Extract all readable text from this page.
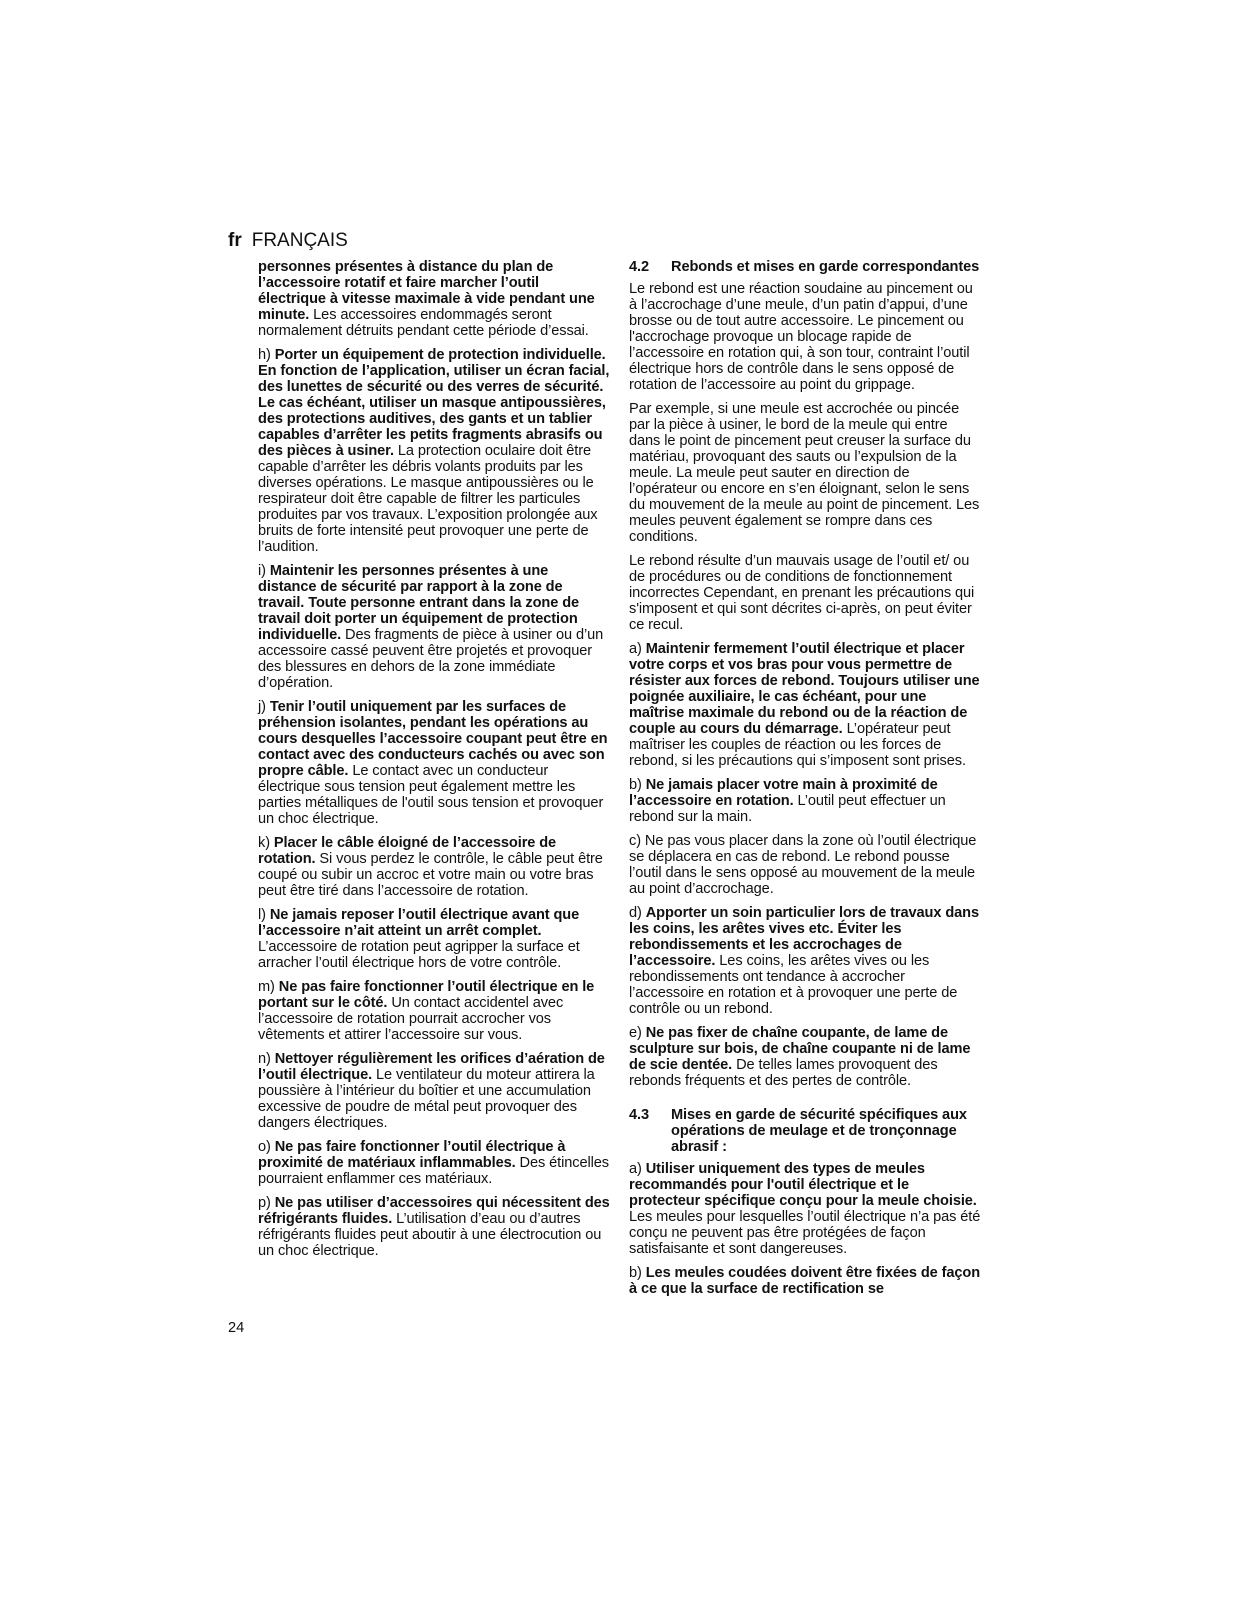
fr FRANÇAIS

personnes présentes à distance du plan de l’accessoire rotatif et faire marcher l’outil électrique à vitesse maximale à vide pendant une minute. Les accessoires endommagés seront normalement détruits pendant cette période d’essai.

h) Porter un équipement de protection individuelle. En fonction de l’application, utiliser un écran facial, des lunettes de sécurité ou des verres de sécurité. Le cas échéant, utiliser un masque antipoussières, des protections auditives, des gants et un tablier capables d’arrêter les petits fragments abrasifs ou des pièces à usiner. La protection oculaire doit être capable d’arrêter les débris volants produits par les diverses opérations. Le masque antipoussières ou le respirateur doit être capable de filtrer les particules produites par vos travaux. L’exposition prolongée aux bruits de forte intensité peut provoquer une perte de l’audition.

i) Maintenir les personnes présentes à une distance de sécurité par rapport à la zone de travail. Toute personne entrant dans la zone de travail doit porter un équipement de protection individuelle. Des fragments de pièce à usiner ou d’un accessoire cassé peuvent être projetés et provoquer des blessures en dehors de la zone immédiate d’opération.

j) Tenir l’outil uniquement par les surfaces de préhension isolantes, pendant les opérations au cours desquelles l’accessoire coupant peut être en contact avec des conducteurs cachés ou avec son propre câble. Le contact avec un conducteur électrique sous tension peut également mettre les parties métalliques de l'outil sous tension et provoquer un choc électrique.

k) Placer le câble éloigné de l’accessoire de rotation. Si vous perdez le contrôle, le câble peut être coupé ou subir un accroc et votre main ou votre bras peut être tiré dans l’accessoire de rotation.

l) Ne jamais reposer l’outil électrique avant que l’accessoire n’ait atteint un arrêt complet. L’accessoire de rotation peut agripper la surface et arracher l’outil électrique hors de votre contrôle.

m) Ne pas faire fonctionner l’outil électrique en le portant sur le côté. Un contact accidentel avec l’accessoire de rotation pourrait accrocher vos vêtements et attirer l’accessoire sur vous.

n) Nettoyer régulièrement les orifices d’aération de l’outil électrique. Le ventilateur du moteur attirera la poussière à l’intérieur du boîtier et une accumulation excessive de poudre de métal peut provoquer des dangers électriques.

o) Ne pas faire fonctionner l’outil électrique à proximité de matériaux inflammables. Des étincelles pourraient enflammer ces matériaux.

p) Ne pas utiliser d’accessoires qui nécessitent des réfrigérants fluides. L’utilisation d’eau ou d’autres réfrigérants fluides peut aboutir à une électrocution ou un choc électrique.

4.2	Rebonds et mises en garde correspondantes

Le rebond est une réaction soudaine au pincement ou à l’accrochage d’une meule, d’un patin d’appui, d’une brosse ou de tout autre accessoire. Le pincement ou l'accrochage provoque un blocage rapide de l’accessoire en rotation qui, à son tour, contraint l’outil électrique hors de contrôle dans le sens opposé de rotation de l’accessoire au point du grippage.

Par exemple, si une meule est accrochée ou pincée par la pièce à usiner, le bord de la meule qui entre dans le point de pincement peut creuser la surface du matériau, provoquant des sauts ou l’expulsion de la meule. La meule peut sauter en direction de l’opérateur ou encore en s’en éloignant, selon le sens du mouvement de la meule au point de pincement. Les meules peuvent également se rompre dans ces conditions.

Le rebond résulte d’un mauvais usage de l’outil et/ ou de procédures ou de conditions de fonctionnement incorrectes Cependant, en prenant les précautions qui s'imposent et qui sont décrites ci-après, on peut éviter ce recul.

a) Maintenir fermement l’outil électrique et placer votre corps et vos bras pour vous permettre de résister aux forces de rebond. Toujours utiliser une poignée auxiliaire, le cas échéant, pour une maîtrise maximale du rebond ou de la réaction de couple au cours du démarrage. L’opérateur peut maîtriser les couples de réaction ou les forces de rebond, si les précautions qui s’imposent sont prises.

b) Ne jamais placer votre main à proximité de l’accessoire en rotation. L’outil peut effectuer un rebond sur la main.

c) Ne pas vous placer dans la zone où l’outil électrique se déplacera en cas de rebond. Le rebond pousse l’outil dans le sens opposé au mouvement de la meule au point d’accrochage.

d) Apporter un soin particulier lors de travaux dans les coins, les arêtes vives etc. Éviter les rebondissements et les accrochages de l’accessoire. Les coins, les arêtes vives ou les rebondissements ont tendance à accrocher l’accessoire en rotation et à provoquer une perte de contrôle ou un rebond.

e) Ne pas fixer de chaîne coupante, de lame de sculpture sur bois, de chaîne coupante ni de lame de scie dentée. De telles lames provoquent des rebonds fréquents et des pertes de contrôle.

4.3	Mises en garde de sécurité spécifiques aux opérations de meulage et de tronçonnage abrasif :

a) Utiliser uniquement des types de meules recommandés pour l'outil électrique et le protecteur spécifique conçu pour la meule choisie. Les meules pour lesquelles l’outil électrique n’a pas été conçu ne peuvent pas être protégées de façon satisfaisante et sont dangereuses.

b) Les meules coudées doivent être fixées de façon à ce que la surface de rectification se

24
